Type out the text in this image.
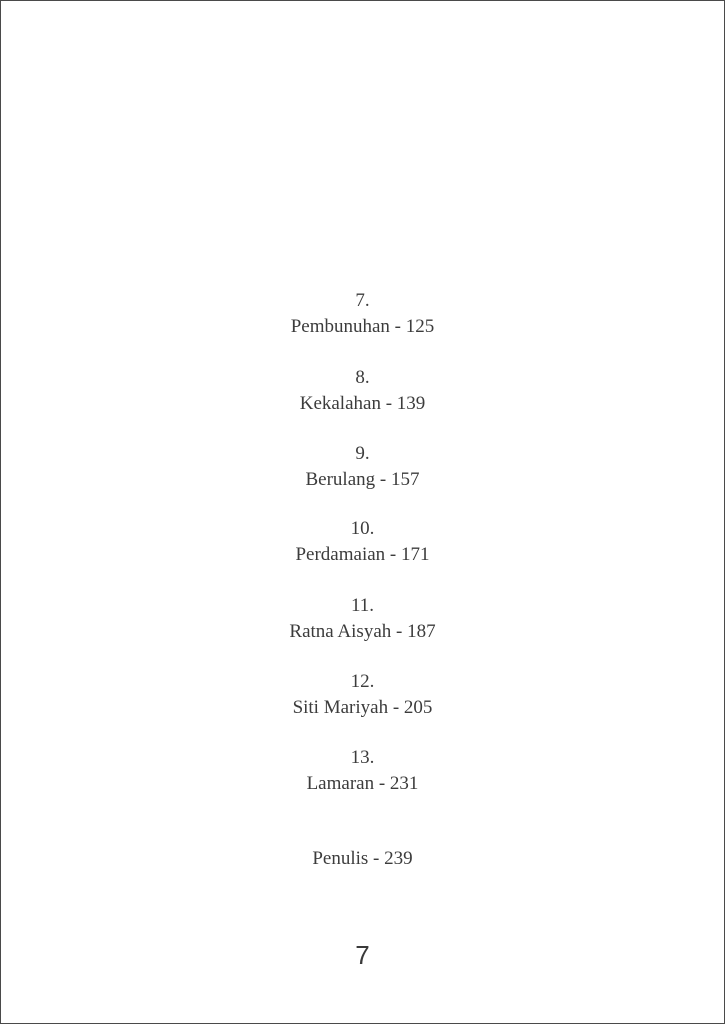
7.
Pembunuhan - 125
8.
Kekalahan - 139
9.
Berulang - 157
10.
Perdamaian - 171
11.
Ratna Aisyah - 187
12.
Siti Mariyah - 205
13.
Lamaran - 231
Penulis - 239
7
